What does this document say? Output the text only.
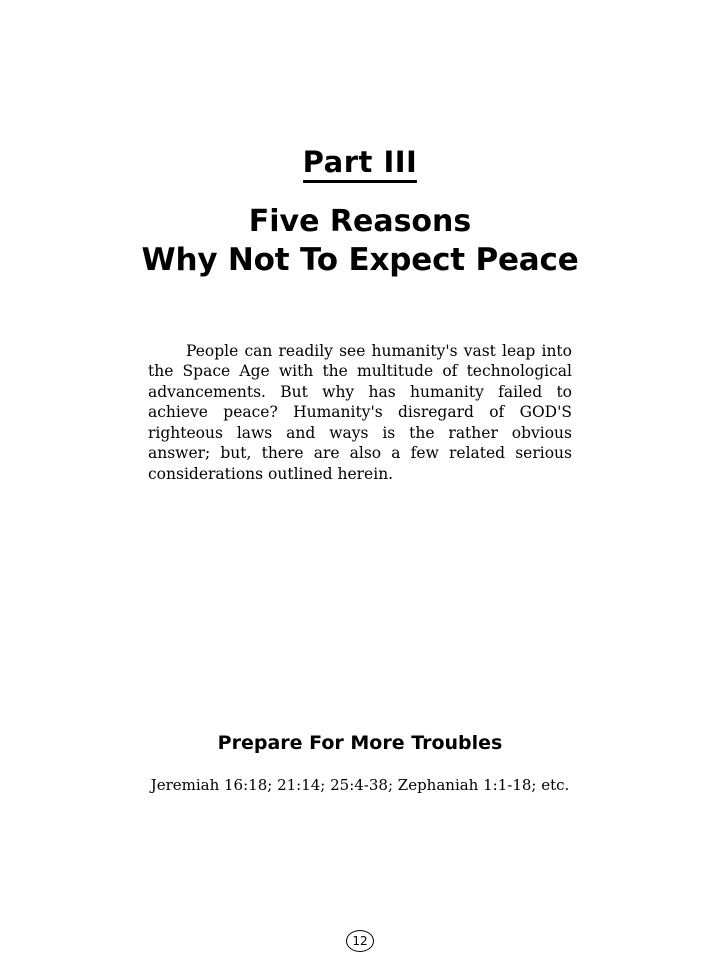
Part III
Five Reasons
Why Not To Expect Peace

People can readily see humanity's vast leap into the Space Age with the multitude of technological advancements. But why has humanity failed to achieve peace? Humanity's disregard of GOD'S righteous laws and ways is the rather obvious answer; but, there are also a few related serious considerations outlined herein.

Prepare For More Troubles
Jeremiah 16:18; 21:14; 25:4-38; Zephaniah 1:1-18; etc.
12
